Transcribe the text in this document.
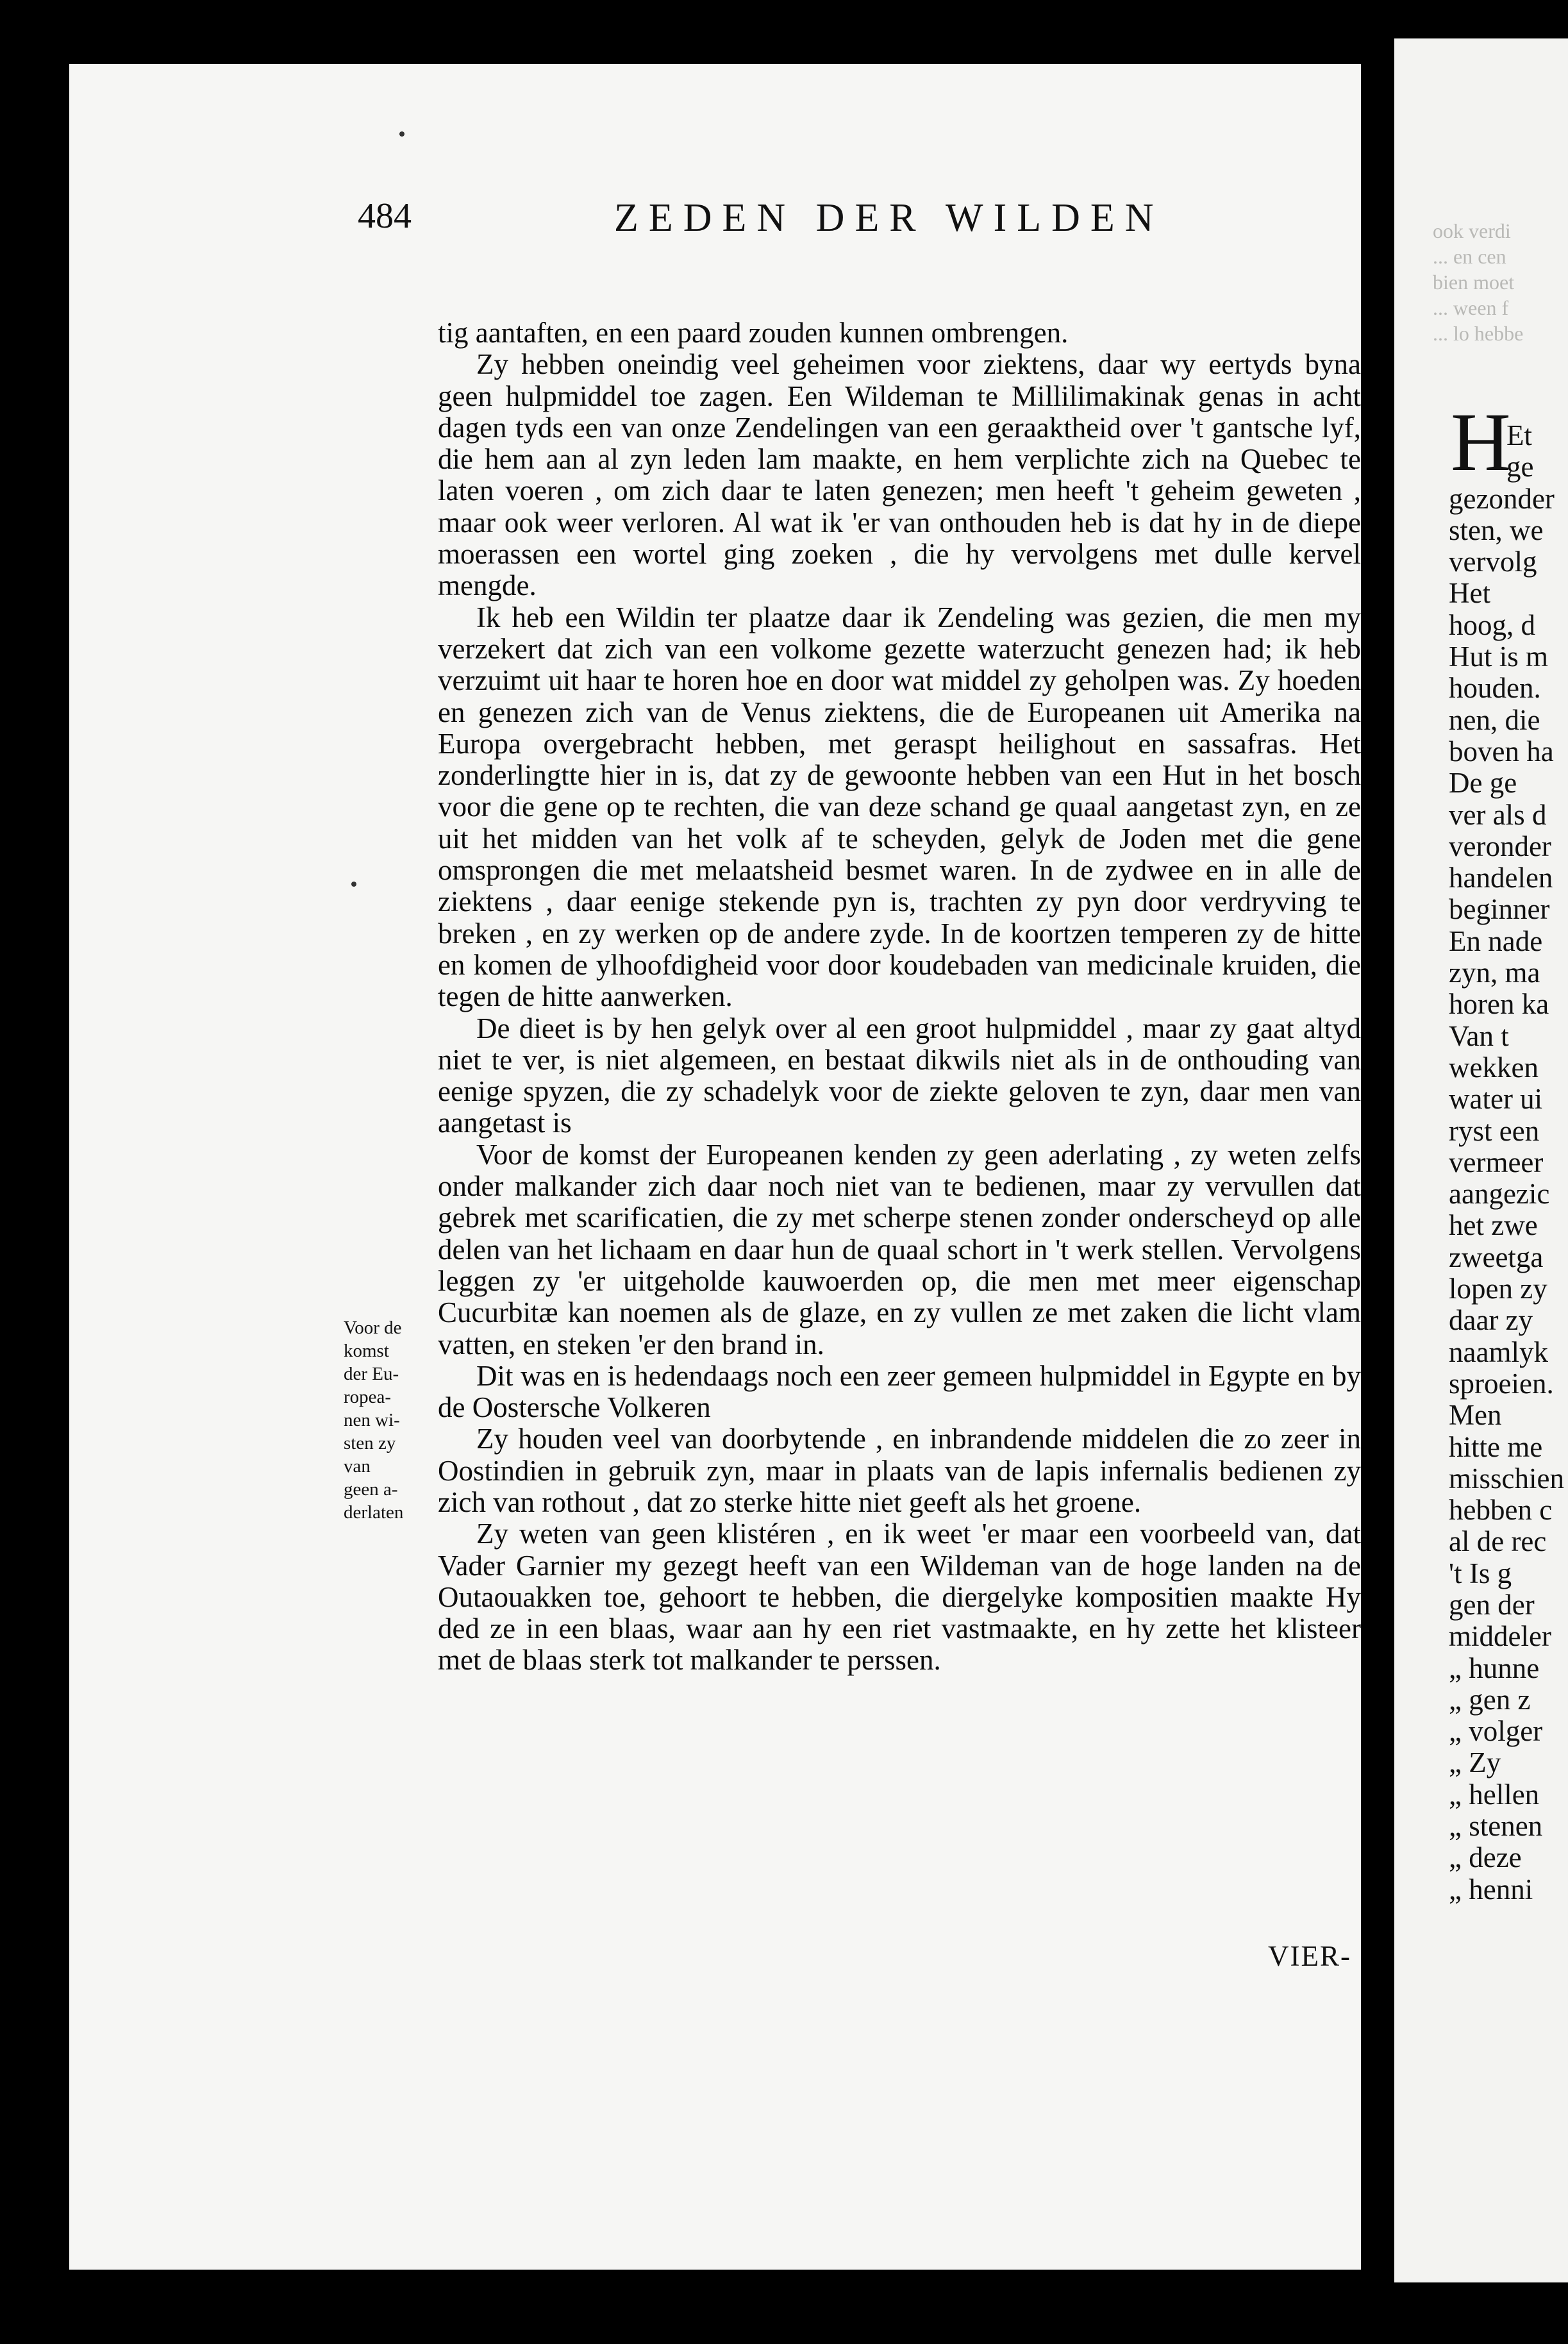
484	ZEDEN DER WILDEN
Voor de
komst
der Eu-
ropea-
nen wi-
sten zy
van
geen a-
derlaten

tig aantaften, en een paard zouden kunnen ombrengen.

Zy hebben oneindig veel geheimen voor ziektens, daar wy eertyds byna geen hulpmiddel toe zagen. Een Wildeman te Millilimakinak genas in acht dagen tyds een van onze Zendelingen van een geraaktheid over 't gantsche lyf, die hem aan al zyn leden lam maakte, en hem verplichte zich na Quebec te laten voeren , om zich daar te laten genezen; men heeft 't geheim geweten , maar ook weer verloren. Al wat ik 'er van onthouden heb is dat hy in de diepe moerassen een wortel ging zoeken , die hy vervolgens met dulle kervel mengde.

Ik heb een Wildin ter plaatze daar ik Zendeling was gezien, die men my verzekert dat zich van een volkome gezette waterzucht genezen had; ik heb verzuimt uit haar te horen hoe en door wat middel zy geholpen was. Zy hoeden en genezen zich van de Venus ziektens, die de Europeanen uit Amerika na Europa overgebracht hebben, met geraspt heilighout en sassafras. Het zonderlingtte hier in is, dat zy de gewoonte hebben van een Hut in het bosch voor die gene op te rechten, die van deze schand ge quaal aangetast zyn, en ze uit het midden van het volk af te scheyden, gelyk de Joden met die gene omsprongen die met melaatsheid besmet waren. In de zydwee en in alle de ziektens , daar eenige stekende pyn is, trachten zy pyn door verdryving te breken , en zy werken op de andere zyde. In de koortzen temperen zy de hitte en komen de ylhoofdigheid voor door koudebaden van medicinale kruiden, die tegen de hitte aanwerken.

De dieet is by hen gelyk over al een groot hulpmiddel , maar zy gaat altyd niet te ver, is niet algemeen, en bestaat dikwils niet als in de onthouding van eenige spyzen, die zy schadelyk voor de ziekte geloven te zyn, daar men van aangetast is

Voor de komst der Europeanen kenden zy geen aderlating , zy weten zelfs onder malkander zich daar noch niet van te bedienen, maar zy vervullen dat gebrek met scarificatien, die zy met scherpe stenen zonder onderscheyd op alle delen van het lichaam en daar hun de quaal schort in 't werk stellen. Vervolgens leggen zy 'er uitgeholde kauwoerden op, die men met meer eigenschap Cucurbitæ kan noemen als de glaze, en zy vullen ze met zaken die licht vlam vatten, en steken 'er den brand in.

Dit was en is hedendaags noch een zeer gemeen hulpmiddel in Egypte en by de Oostersche Volkeren

Zy houden veel van doorbytende , en inbrandende middelen die zo zeer in Oostindien in gebruik zyn, maar in plaats van de lapis infernalis bedienen zy zich van rothout , dat zo sterke hitte niet geeft als het groene.

Zy weten van geen klistéren , en ik weet 'er maar een voorbeeld van, dat Vader Garnier my gezegt heeft van een Wildeman van de hoge landen na de Outaouakken toe, gehoort te hebben, die diergelyke kompositien maakte Hy ded ze in een blaas, waar aan hy een riet vastmaakte, en hy zette het klisteer met de blaas sterk tot malkander te perssen.

VIER-
ook verdi
... en cen
bien moet
... ween f
... lo hebbe
H
Et
ge
gezonder
sten, we
vervolg
Het
hoog, d
Hut is m
houden.
nen, die
boven ha
De ge
ver als d
veronder
handelen
beginner
En nade
zyn, ma
horen ka
Van t
wekken
water ui
ryst een
vermeer
aangezic
het zwe
zweetga
lopen zy
daar zy
naamlyk
sproeien.
Men
hitte me
misschien
hebben c
al de rec
't Is g
gen der
middeler
„ hunne
„ gen z
„ volger
„ Zy
„ hellen
„ stenen
„ deze
„ henni
